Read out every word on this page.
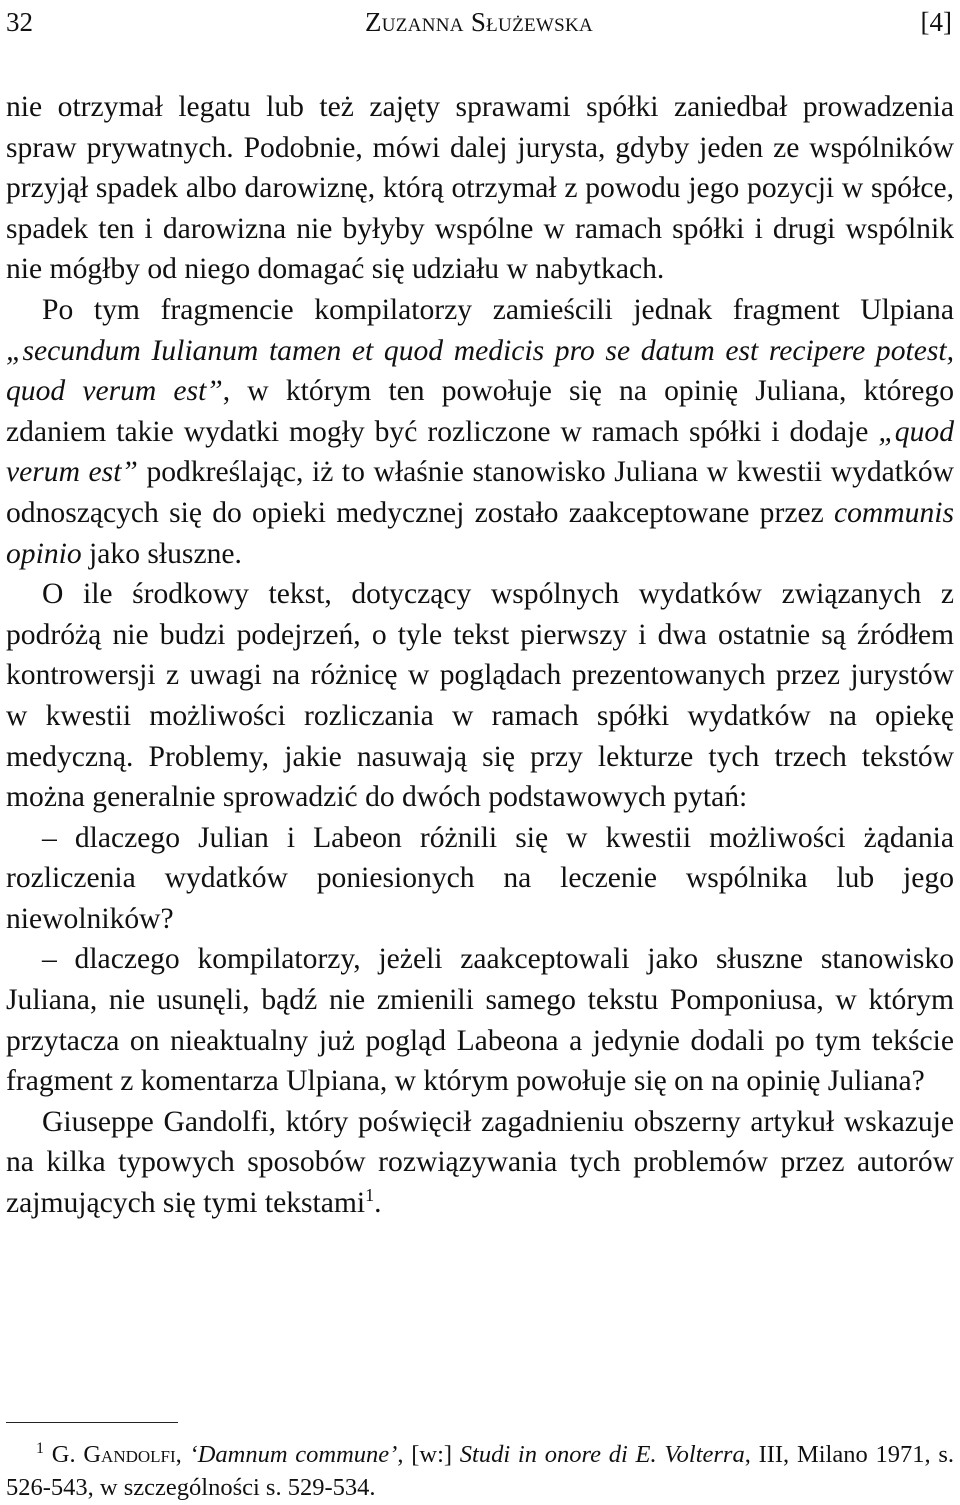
32	Zuzanna Służewska	[4]

nie otrzymał legatu lub też zajęty sprawami spółki zaniedbał prowadzenia spraw prywatnych. Podobnie, mówi dalej jurysta, gdyby jeden ze wspólników przyjął spadek albo darowiznę, którą otrzymał z powodu jego pozycji w spółce, spadek ten i darowizna nie byłyby wspólne w ramach spółki i drugi wspólnik nie mógłby od niego domagać się udziału w nabytkach.

Po tym fragmencie kompilatorzy zamieścili jednak fragment Ulpiana „secundum Iulianum tamen et quod medicis pro se datum est recipere potest, quod verum est”, w którym ten powołuje się na opinię Juliana, którego zdaniem takie wydatki mogły być rozliczone w ramach spółki i dodaje „quod verum est” podkreślając, iż to właśnie stanowisko Juliana w kwestii wydatków odnoszących się do opieki medycznej zostało zaakceptowane przez communis opinio jako słuszne.

O ile środkowy tekst, dotyczący wspólnych wydatków związanych z podróżą nie budzi podejrzeń, o tyle tekst pierwszy i dwa ostatnie są źródłem kontrowersji z uwagi na różnicę w poglądach prezentowanych przez jurystów w kwestii możliwości rozliczania w ramach spółki wydatków na opiekę medyczną. Problemy, jakie nasuwają się przy lekturze tych trzech tekstów można generalnie sprowadzić do dwóch podstawowych pytań:

– dlaczego Julian i Labeon różnili się w kwestii możliwości żądania rozliczenia wydatków poniesionych na leczenie wspólnika lub jego niewolników?

– dlaczego kompilatorzy, jeżeli zaakceptowali jako słuszne stanowisko Juliana, nie usunęli, bądź nie zmienili samego tekstu Pomponiusa, w którym przytacza on nieaktualny już pogląd Labeona a jedynie dodali po tym tekście fragment z komentarza Ulpiana, w którym powołuje się on na opinię Juliana?

Giuseppe Gandolfi, który poświęcił zagadnieniu obszerny artykuł wskazuje na kilka typowych sposobów rozwiązywania tych problemów przez autorów zajmujących się tymi tekstami$^1$.

$^1$ G. Gandolfi, ‘Damnum commune’, [w:] Studi in onore di E. Volterra, III, Milano 1971, s. 526-543, w szczególności s. 529-534.
